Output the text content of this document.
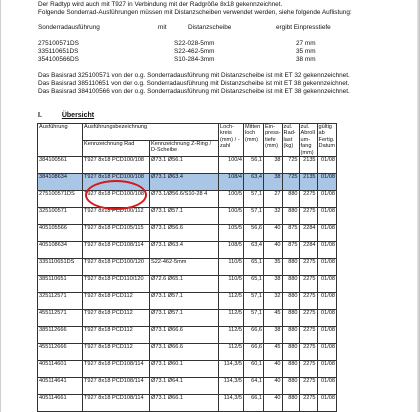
Der Radtyp wird auch mit T927 in Verbindung mit der Radgröße 8x18 gekennzeichnet.
Folgende Sonderrad-Ausführungen müssen mit Distanzscheiben verwendet werden, siehe folgende Auflistung:
Sonderradausführung	mit	Distanzscheibe	ergibt Einpresstiefe
275100571DS	S22-028-5mm	27 mm
335110651DS	S22-462-5mm	35 mm
354100566DS	S10-284-3mm	38 mm
Das Basisrad 325100571 von der o.g. Sonderradausführung mit Distanzscheibe ist mit ET 32 gekennzeichnet.
Das Basisrad 385110651 von der o.g. Sonderradausführung mit Distanzscheibe ist mit ET 38 gekennzeichnet.
Das Basisrad 384100566 von der o.g. Sonderradausführung mit Distanzscheibe ist mit ET 38 gekennzeichnet.
I.	Übersicht
Ausführung	Ausführungsbezeichnung		Loch-kreis (mm) / -zahl	Mitten loch (mm)	Ein-press-tiefe (mm)	zul. Rad-last (kg)	zul. Abroll um-fang (mm)	gültig ab Fertig. Datum
	Kennzeichnung Rad	Kennzeichnung Z-Ring / D-Scheibe						
384100561	T927 8x18 PCD100/108	Ø73.1 Ø56.1	100/4	56,1	38	725	2135	01/08
384108634	T927 8x18 PCD100/108	Ø73.1 Ø63.4	108/4	63,4	38	725	2135	01/08
275100571DS	T927 8x18 PCD100/108	Ø73.1/Ø56.6/S10-28 4	100/5	57,1	27	880	2275	01/08
325100571	T927 8x18 PCD100/112	Ø73.1 Ø57.1	100/5	57,1	32	880	2275	01/08
405105566	T927 8x18 PCD105/115	Ø73.1 Ø56.6	105/5	56,6	40	875	2284	01/08
405108634	T927 8x18 PCD108/114	Ø73.1 Ø63.4	108/5	63,4	40	875	2284	01/08
335110651DS	T927 8x18 PCD100/120	S22-462-5mm	110/5	65,1	35	880	2275	01/08
385110651	T927 8x18 PCD110/120	Ø72.6 Ø65.1	110/5	65,1	38	880	2275	01/08
325112571	T927 8x18 PCD112	Ø73.1 Ø57.1	112/5	57,1	32	880	2275	01/08
455112571	T927 8x18 PCD112	Ø73.1 Ø57.1	112/5	57,1	45	880	2275	01/08
385112666	T927 8x18 PCD112	Ø73.1 Ø66.6	112/5	66,6	38	880	2275	01/08
455112666	T927 8x18 PCD112	Ø73.1 Ø66.6	112/5	66,6	45	880	2275	01/08
405114601	T927 8x18 PCD108/114	Ø73.1 Ø60.1	114,3/5	60,1	40	880	2275	01/08
405114641	T927 8x18 PCD108/114	Ø73.1 Ø64.1	114,3/5	64,1	40	880	2275	01/08
405114661	T927 8x18 PCD108/114	Ø73.1 Ø66.1	114,3/5	66,1	40	880	2275	01/08
